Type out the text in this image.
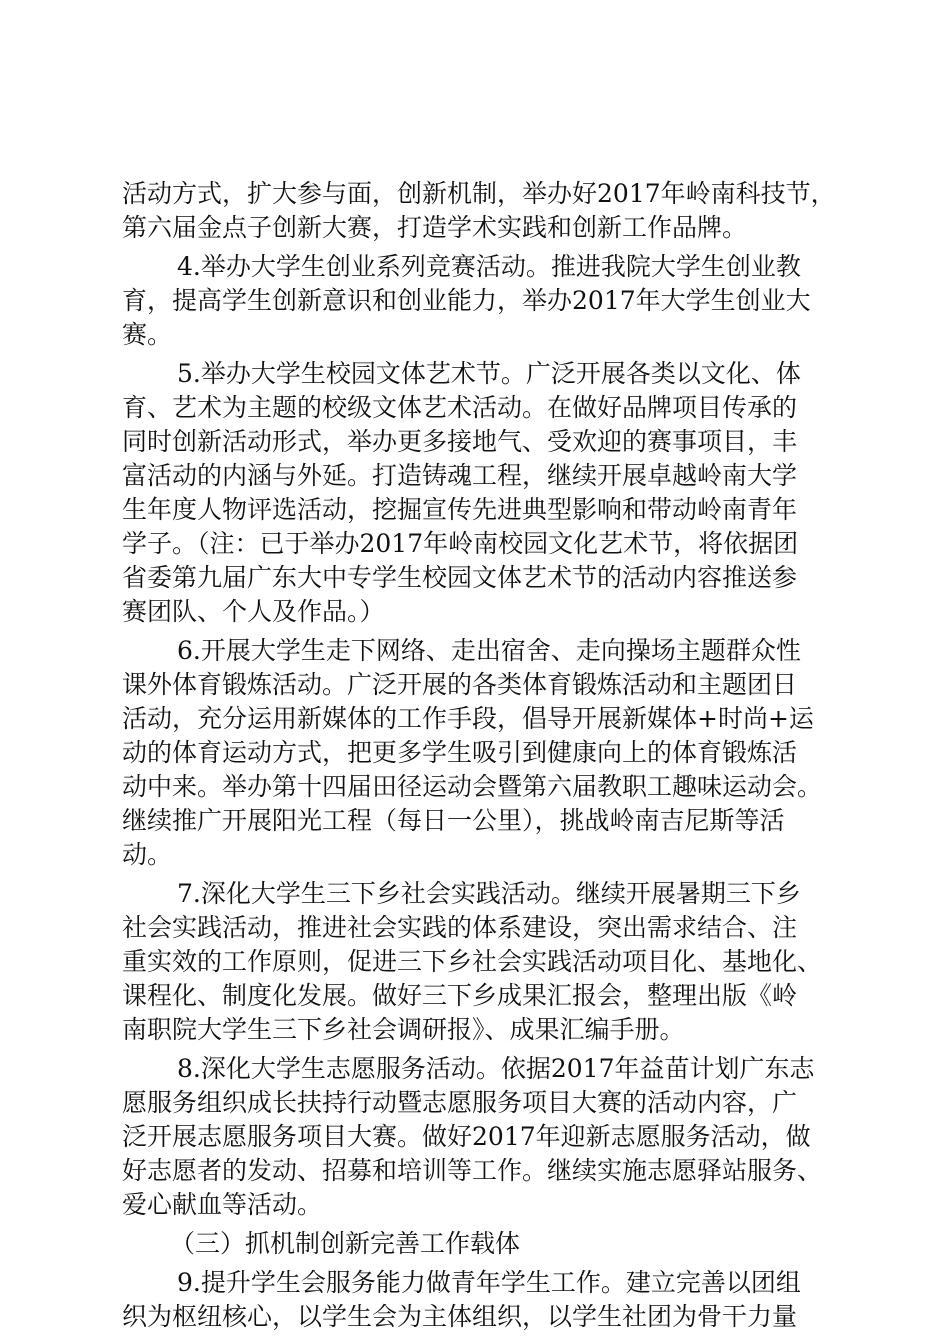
活动方式，扩大参与面，创新机制，举办好2017年岭南科技节，
第六届金点子创新大赛，打造学术实践和创新工作品牌。
4.举办大学生创业系列竞赛活动。推进我院大学生创业教
育，提高学生创新意识和创业能力，举办2017年大学生创业大
赛。
5.举办大学生校园文体艺术节。广泛开展各类以文化、体
育、艺术为主题的校级文体艺术活动。在做好品牌项目传承的
同时创新活动形式，举办更多接地气、受欢迎的赛事项目，丰
富活动的内涵与外延。打造铸魂工程，继续开展卓越岭南大学
生年度人物评选活动，挖掘宣传先进典型影响和带动岭南青年
学子。（注：已于举办2017年岭南校园文化艺术节，将依据团
省委第九届广东大中专学生校园文体艺术节的活动内容推送参
赛团队、个人及作品。）
6.开展大学生走下网络、走出宿舍、走向操场主题群众性
课外体育锻炼活动。广泛开展的各类体育锻炼活动和主题团日
活动，充分运用新媒体的工作手段，倡导开展新媒体+时尚+运
动的体育运动方式，把更多学生吸引到健康向上的体育锻炼活
动中来。举办第十四届田径运动会暨第六届教职工趣味运动会。
继续推广开展阳光工程（每日一公里），挑战岭南吉尼斯等活
动。
7.深化大学生三下乡社会实践活动。继续开展暑期三下乡
社会实践活动，推进社会实践的体系建设，突出需求结合、注
重实效的工作原则，促进三下乡社会实践活动项目化、基地化、
课程化、制度化发展。做好三下乡成果汇报会，整理出版《岭
南职院大学生三下乡社会调研报》、成果汇编手册。
8.深化大学生志愿服务活动。依据2017年益苗计划广东志
愿服务组织成长扶持行动暨志愿服务项目大赛的活动内容，广
泛开展志愿服务项目大赛。做好2017年迎新志愿服务活动，做
好志愿者的发动、招募和培训等工作。继续实施志愿驿站服务、
爱心献血等活动。
（三）抓机制创新完善工作载体
9.提升学生会服务能力做青年学生工作。建立完善以团组
织为枢纽核心，以学生会为主体组织，以学生社团为骨干力量
